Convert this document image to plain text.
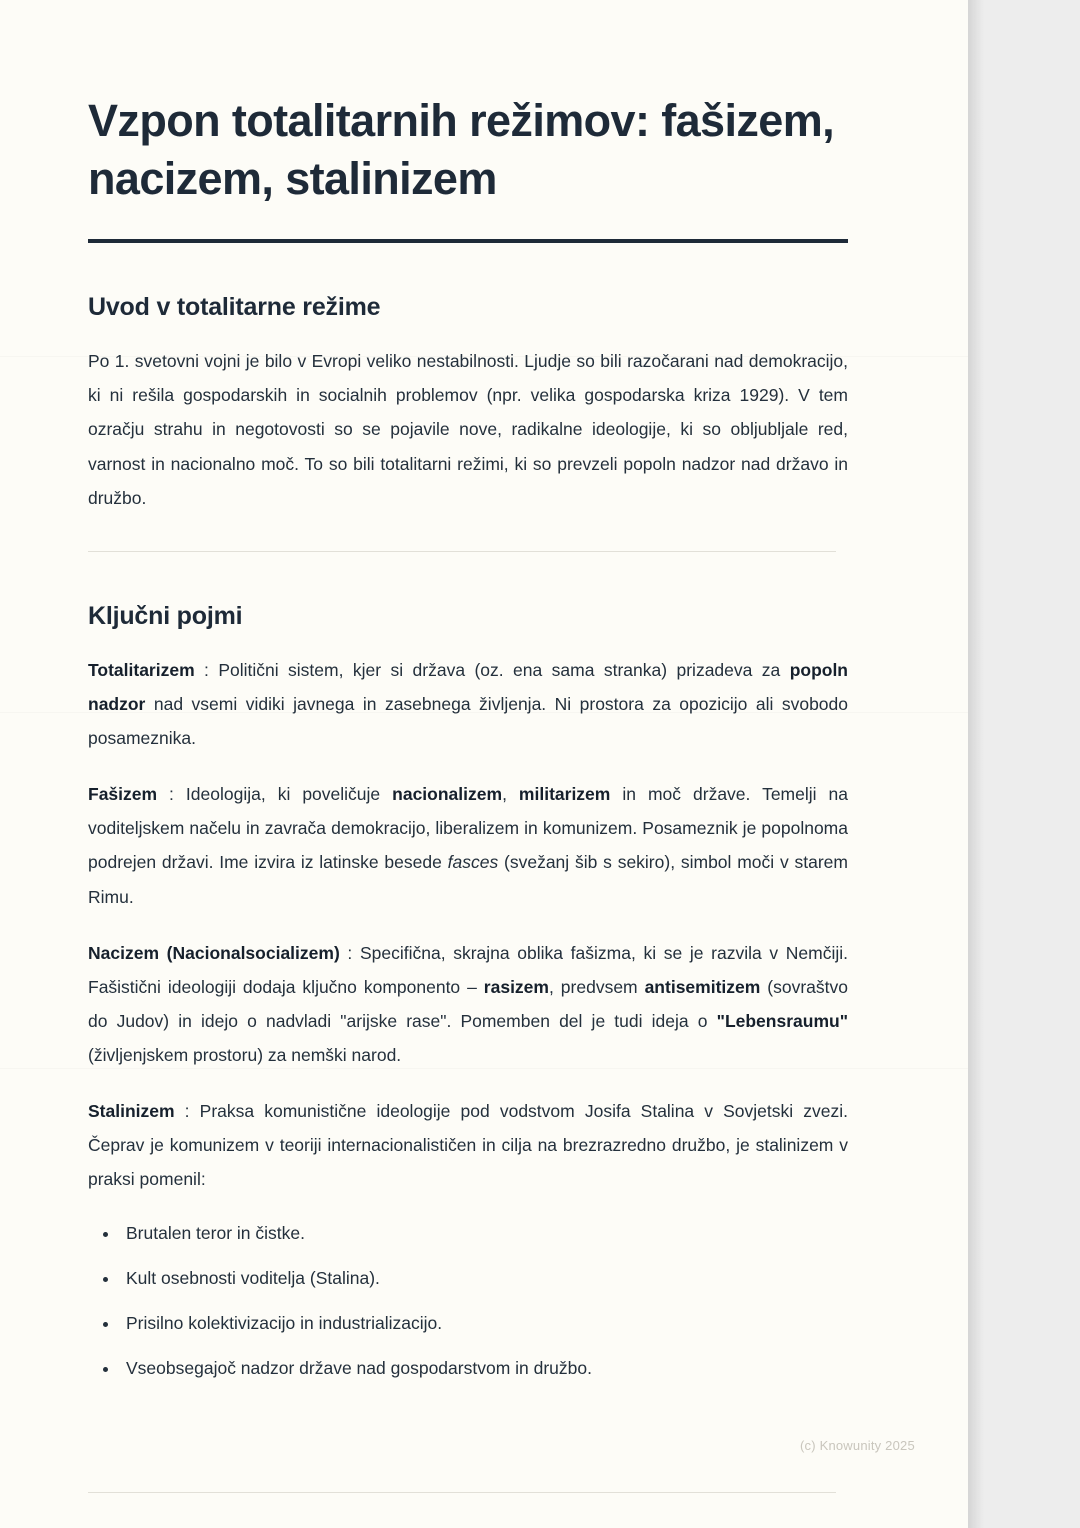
Vzpon totalitarnih režimov: fašizem, nacizem, stalinizem
Uvod v totalitarne režime

Po 1. svetovni vojni je bilo v Evropi veliko nestabilnosti. Ljudje so bili razočarani nad demokracijo, ki ni rešila gospodarskih in socialnih problemov (npr. velika gospodarska kriza 1929). V tem ozračju strahu in negotovosti so se pojavile nove, radikalne ideologije, ki so obljubljale red, varnost in nacionalno moč. To so bili totalitarni režimi, ki so prevzeli popoln nadzor nad državo in družbo.

Ključni pojmi

Totalitarizem : Politični sistem, kjer si država (oz. ena sama stranka) prizadeva za popoln nadzor nad vsemi vidiki javnega in zasebnega življenja. Ni prostora za opozicijo ali svobodo posameznika.

Fašizem : Ideologija, ki poveličuje nacionalizem, militarizem in moč države. Temelji na voditeljskem načelu in zavrača demokracijo, liberalizem in komunizem. Posameznik je popolnoma podrejen državi. Ime izvira iz latinske besede fasces (svežanj šib s sekiro), simbol moči v starem Rimu.

Nacizem (Nacionalsocializem) : Specifična, skrajna oblika fašizma, ki se je razvila v Nemčiji. Fašistični ideologiji dodaja ključno komponento – rasizem, predvsem antisemitizem (sovraštvo do Judov) in idejo o nadvladi "arijske rase". Pomemben del je tudi ideja o "Lebensraumu" (življenjskem prostoru) za nemški narod.

Stalinizem : Praksa komunistične ideologije pod vodstvom Josifa Stalina v Sovjetski zvezi. Čeprav je komunizem v teoriji internacionalističen in cilja na brezrazredno družbo, je stalinizem v praksi pomenil:

• Brutalen teror in čistke.
• Kult osebnosti voditelja (Stalina).
• Prisilno kolektivizacijo in industrializacijo.
• Vseobsegajoč nadzor države nad gospodarstvom in družbo.
(c) Knowunity 2025
